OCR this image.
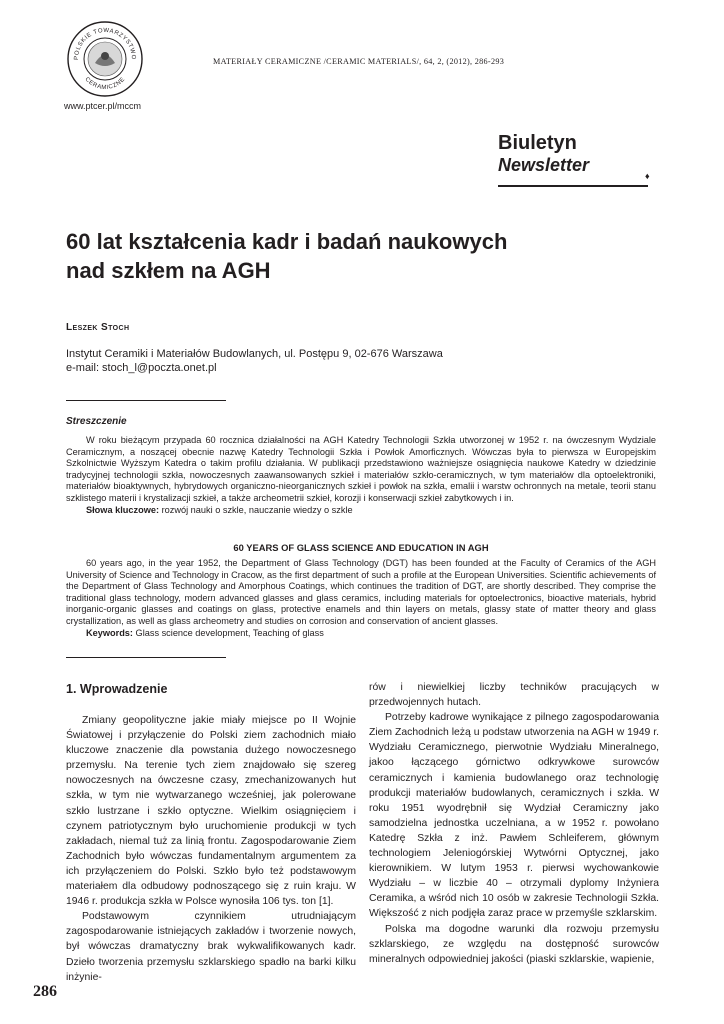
POLSKIE TOWARZYSTWO
CERAMICZNE
www.ptcer.pl/mccm
MATERIAŁY CERAMICZNE /CERAMIC MATERIALS/, 64, 2, (2012), 286-293
Biuletyn
Newsletter
♦
60 lat kształcenia kadr i badań naukowych
nad szkłem na AGH
Leszek Stoch
Instytut Ceramiki i Materiałów Budowlanych, ul. Postępu 9, 02-676 Warszawa
e-mail: stoch_l@poczta.onet.pl
Streszczenie

W roku bieżącym przypada 60 rocznica działalności na AGH Katedry Technologii Szkła utworzonej w 1952 r. na ówczesnym Wydziale Ceramicznym, a noszącej obecnie nazwę Katedry Technologii Szkła i Powłok Amorficznych. Wówczas była to pierwsza w Europejskim Szkolnictwie Wyższym Katedra o takim profilu działania. W publikacji przedstawiono ważniejsze osiągnięcia naukowe Katedry w dziedzinie tradycyjnej technologii szkła, nowoczesnych zaawansowanych szkieł i materiałów szkło-ceramicznych, w tym materiałów dla optoelektroniki, materiałów bioaktywnych, hybrydowych organiczno-nieorganicznych szkieł i powłok na szkła, emalii i warstw ochronnych na metale, teorii stanu szklistego materii i krystalizacji szkieł, a także archeometrii szkieł, korozji i konserwacji szkieł zabytkowych i in.

Słowa kluczowe: rozwój nauki o szkle, nauczanie wiedzy o szkle

60 YEARS OF GLASS SCIENCE AND EDUCATION IN AGH

60 years ago, in the year 1952, the Department of Glass Technology (DGT) has been founded at the Faculty of Ceramics of the AGH University of Science and Technology in Cracow, as the first department of such a profile at the European Universities. Scientific achievements of the Department of Glass Technology and Amorphous Coatings, which continues the tradition of DGT, are shortly described. They comprise the traditional glass technology, modern advanced glasses and glass ceramics, including materials for optoelectronics, bioactive materials, hybrid inorganic-organic glasses and coatings on glass, protective enamels and thin layers on metals, glassy state of matter theory and glass crystallization, as well as glass archeometry and studies on corrosion and conservation of ancient glasses.

Keywords: Glass science development, Teaching of glass

1. Wprowadzenie

Zmiany geopolityczne jakie miały miejsce po II Wojnie Światowej i przyłączenie do Polski ziem zachodnich miało kluczowe znaczenie dla powstania dużego nowoczesnego przemysłu. Na terenie tych ziem znajdowało się szereg nowoczesnych na ówczesne czasy, zmechanizowanych hut szkła, w tym nie wytwarzanego wcześniej, jak polerowane szkło lustrzane i szkło optyczne. Wielkim osiągnięciem i czynem patriotycznym było uruchomienie produkcji w tych zakładach, niemal tuż za linią frontu. Zagospodarowanie Ziem Zachodnich było wówczas fundamentalnym argumentem za ich przyłączeniem do Polski. Szkło było też podstawowym materiałem dla odbudowy podnoszącego się z ruin kraju. W 1946 r. produkcja szkła w Polsce wynosiła 106 tys. ton [1].

Podstawowym czynnikiem utrudniającym zagospodarowanie istniejących zakładów i tworzenie nowych, był wówczas dramatyczny brak wykwalifikowanych kadr. Dzieło tworzenia przemysłu szklarskiego spadło na barki kilku inżynie-

rów i niewielkiej liczby techników pracujących w przedwojennych hutach.

Potrzeby kadrowe wynikające z pilnego zagospodarowania Ziem Zachodnich leżą u podstaw utworzenia na AGH w 1949 r. Wydziału Ceramicznego, pierwotnie Wydziału Mineralnego, jakoo łączącego górnictwo odkrywkowe surowców ceramicznych i kamienia budowlanego oraz technologię produkcji materiałów budowlanych, ceramicznych i szkła. W roku 1951 wyodrębnił się Wydział Ceramiczny jako samodzielna jednostka uczelniana, a w 1952 r. powołano Katedrę Szkła z inż. Pawłem Schleiferem, głównym technologiem Jeleniogórskiej Wytwórni Optycznej, jako kierownikiem. W lutym 1953 r. pierwsi wychowankowie Wydziału – w liczbie 40 – otrzymali dyplomy Inżyniera Ceramika, a wśród nich 10 osób w zakresie Technologii Szkła. Większość z nich podjęła zaraz prace w przemyśle szklarskim.

Polska ma dogodne warunki dla rozwoju przemysłu szklarskiego, ze względu na dostępność surowców mineralnych odpowiedniej jakości (piaski szklarskie, wapienie,

286
